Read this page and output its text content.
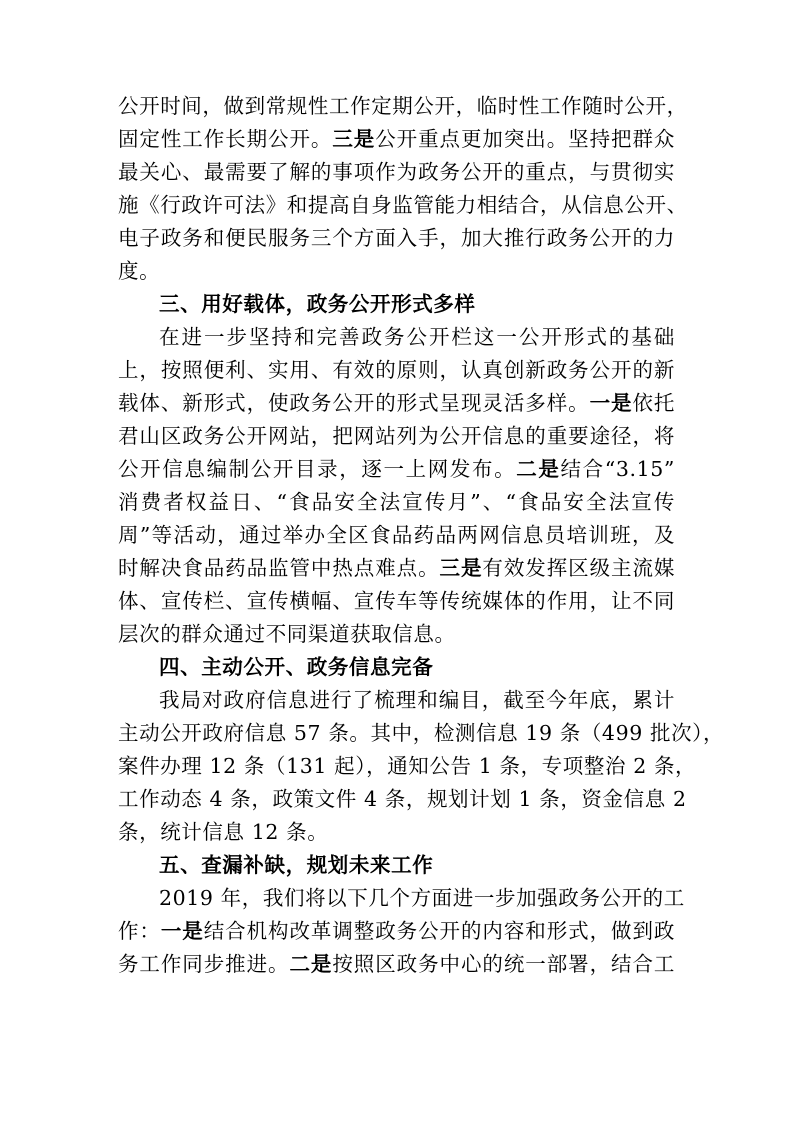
公开时间，做到常规性工作定期公开，临时性工作随时公开，
固定性工作长期公开。三是公开重点更加突出。坚持把群众
最关心、最需要了解的事项作为政务公开的重点，与贯彻实
施《行政许可法》和提高自身监管能力相结合，从信息公开、
电子政务和便民服务三个方面入手，加大推行政务公开的力
度。
三、用好载体，政务公开形式多样
在进一步坚持和完善政务公开栏这一公开形式的基础
上，按照便利、实用、有效的原则，认真创新政务公开的新
载体、新形式，使政务公开的形式呈现灵活多样。一是依托
君山区政务公开网站，把网站列为公开信息的重要途径，将
公开信息编制公开目录，逐一上网发布。二是结合“3.15”
消费者权益日、“食品安全法宣传月”、“食品安全法宣传
周”等活动，通过举办全区食品药品两网信息员培训班，及
时解决食品药品监管中热点难点。三是有效发挥区级主流媒
体、宣传栏、宣传横幅、宣传车等传统媒体的作用，让不同
层次的群众通过不同渠道获取信息。
四、主动公开、政务信息完备
我局对政府信息进行了梳理和编目，截至今年底，累计
主动公开政府信息 57 条。其中，检测信息 19 条（499 批次），
案件办理 12 条（131 起），通知公告 1 条，专项整治 2 条，
工作动态 4 条，政策文件 4 条，规划计划 1 条，资金信息 2
条，统计信息 12 条。
五、查漏补缺，规划未来工作
2019 年，我们将以下几个方面进一步加强政务公开的工
作：一是结合机构改革调整政务公开的内容和形式，做到政
务工作同步推进。二是按照区政务中心的统一部署，结合工
